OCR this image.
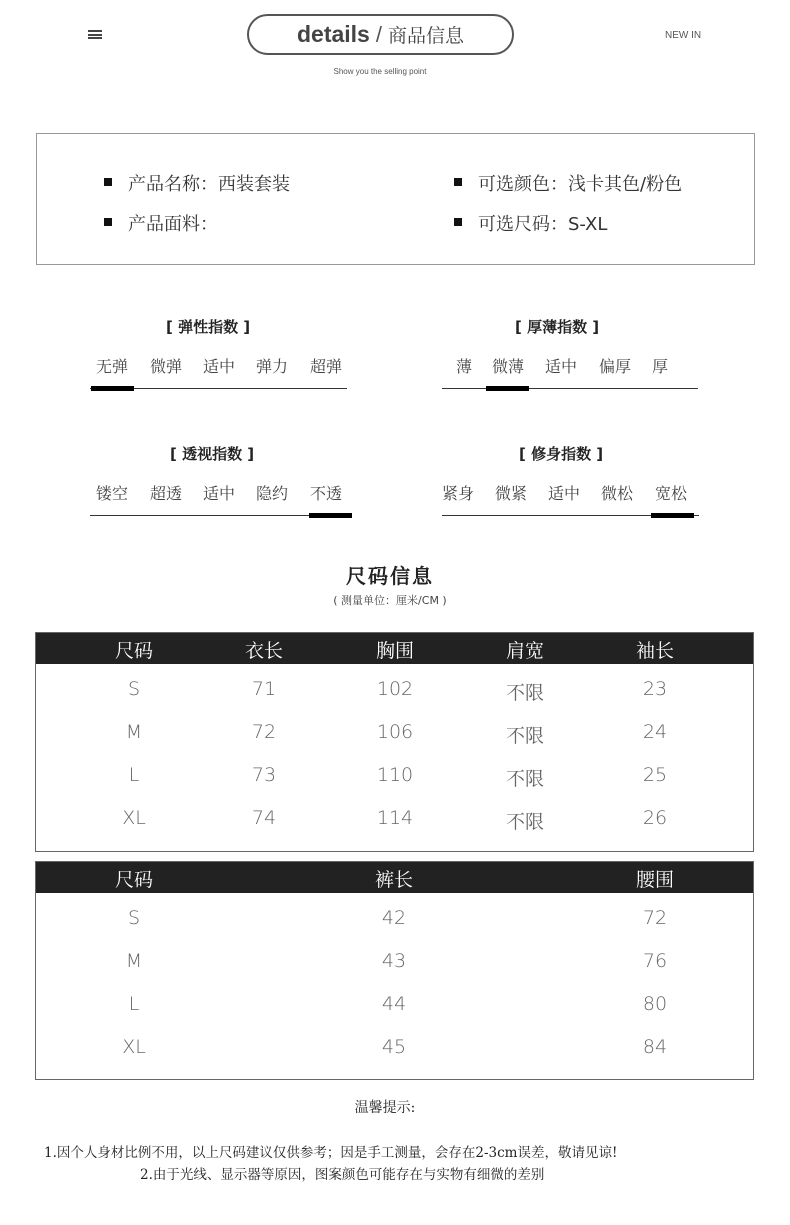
details / 商品信息	NEW IN
Show you the selling point
产品名称：西装套装
产品面料：
可选颜色：浅卡其色/粉色
可选尺码：S-XL
[ 弹性指数 ]
无弹 微弹 适中 弹力 超弹
[ 厚薄指数 ]
薄 微薄 适中 偏厚 厚
[ 透视指数 ]
镂空 超透 适中 隐约 不透
[ 修身指数 ]
紧身 微紧 适中 微松 宽松
尺码信息
( 测量单位：厘米/CM )
尺码	衣长	胸围	肩宽	袖长
S	71	102	不限	23
M	72	106	不限	24
L	73	110	不限	25
XL	74	114	不限	26
尺码	裤长	腰围
S	42	72
M	43	76
L	44	80
XL	45	84
温馨提示:
1.因个人身材比例不用，以上尺码建议仅供参考；因是手工测量，会存在2-3cm误差，敬请见谅!
2.由于光线、显示器等原因，图案颜色可能存在与实物有细微的差别
